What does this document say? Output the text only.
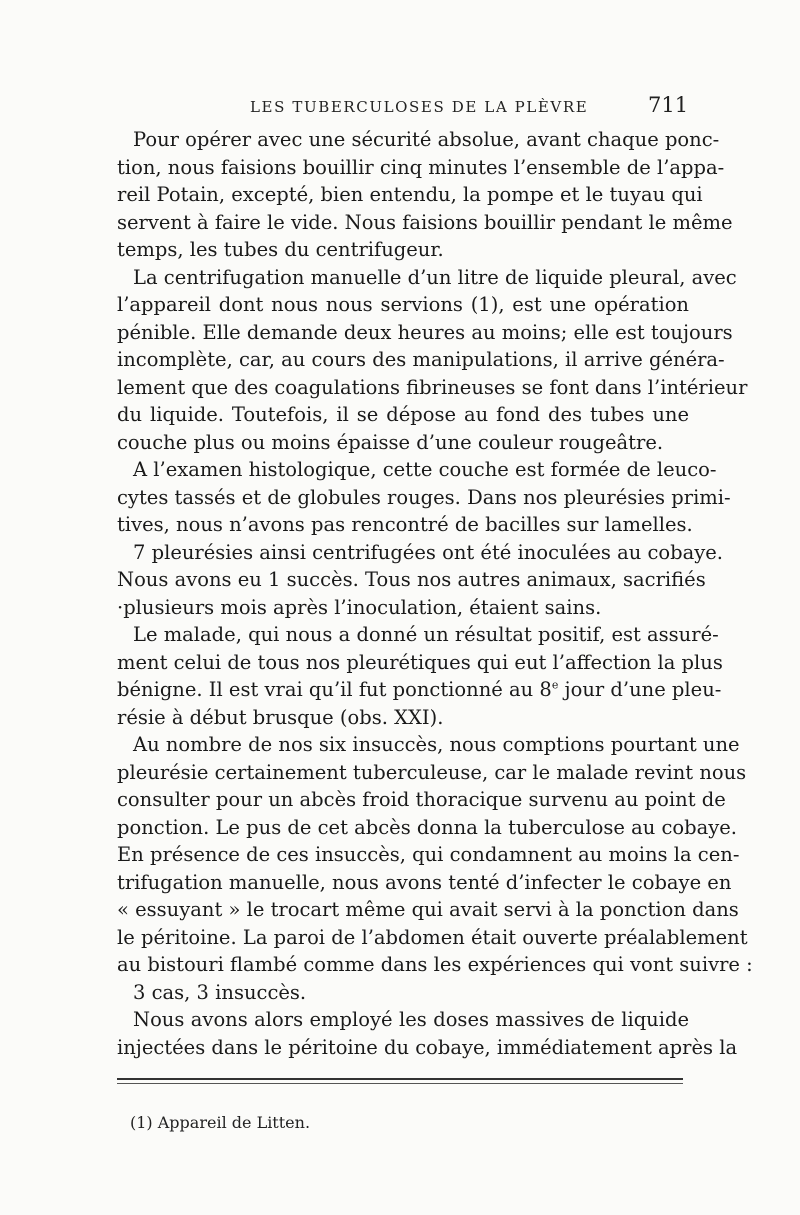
LES TUBERCULOSES DE LA PLÈVRE	711
Pour opérer avec une sécurité absolue, avant chaque ponc-
tion, nous faisions bouillir cinq minutes l’ensemble de l’appa-
reil Potain, excepté, bien entendu, la pompe et le tuyau qui
servent à faire le vide. Nous faisions bouillir pendant le même
temps, les tubes du centrifugeur.
La centrifugation manuelle d’un litre de liquide pleural, avec
l’appareil dont nous nous servions (1), est une opération
pénible. Elle demande deux heures au moins; elle est toujours
incomplète, car, au cours des manipulations, il arrive généra-
lement que des coagulations fibrineuses se font dans l’intérieur
du liquide. Toutefois, il se dépose au fond des tubes une
couche plus ou moins épaisse d’une couleur rougeâtre.
A l’examen histologique, cette couche est formée de leuco-
cytes tassés et de globules rouges. Dans nos pleurésies primi-
tives, nous n’avons pas rencontré de bacilles sur lamelles.
7 pleurésies ainsi centrifugées ont été inoculées au cobaye.
Nous avons eu 1 succès. Tous nos autres animaux, sacrifiés
·plusieurs mois après l’inoculation, étaient sains.
Le malade, qui nous a donné un résultat positif, est assuré-
ment celui de tous nos pleurétiques qui eut l’affection la plus
bénigne. Il est vrai qu’il fut ponctionné au 8e jour d’une pleu-
résie à début brusque (obs. XXI).
Au nombre de nos six insuccès, nous comptions pourtant une
pleurésie certainement tuberculeuse, car le malade revint nous
consulter pour un abcès froid thoracique survenu au point de
ponction. Le pus de cet abcès donna la tuberculose au cobaye.
En présence de ces insuccès, qui condamnent au moins la cen-
trifugation manuelle, nous avons tenté d’infecter le cobaye en
« essuyant » le trocart même qui avait servi à la ponction dans
le péritoine. La paroi de l’abdomen était ouverte préalablement
au bistouri flambé comme dans les expériences qui vont suivre :
3 cas, 3 insuccès.
Nous avons alors employé les doses massives de liquide
injectées dans le péritoine du cobaye, immédiatement après la
(1) Appareil de Litten.
